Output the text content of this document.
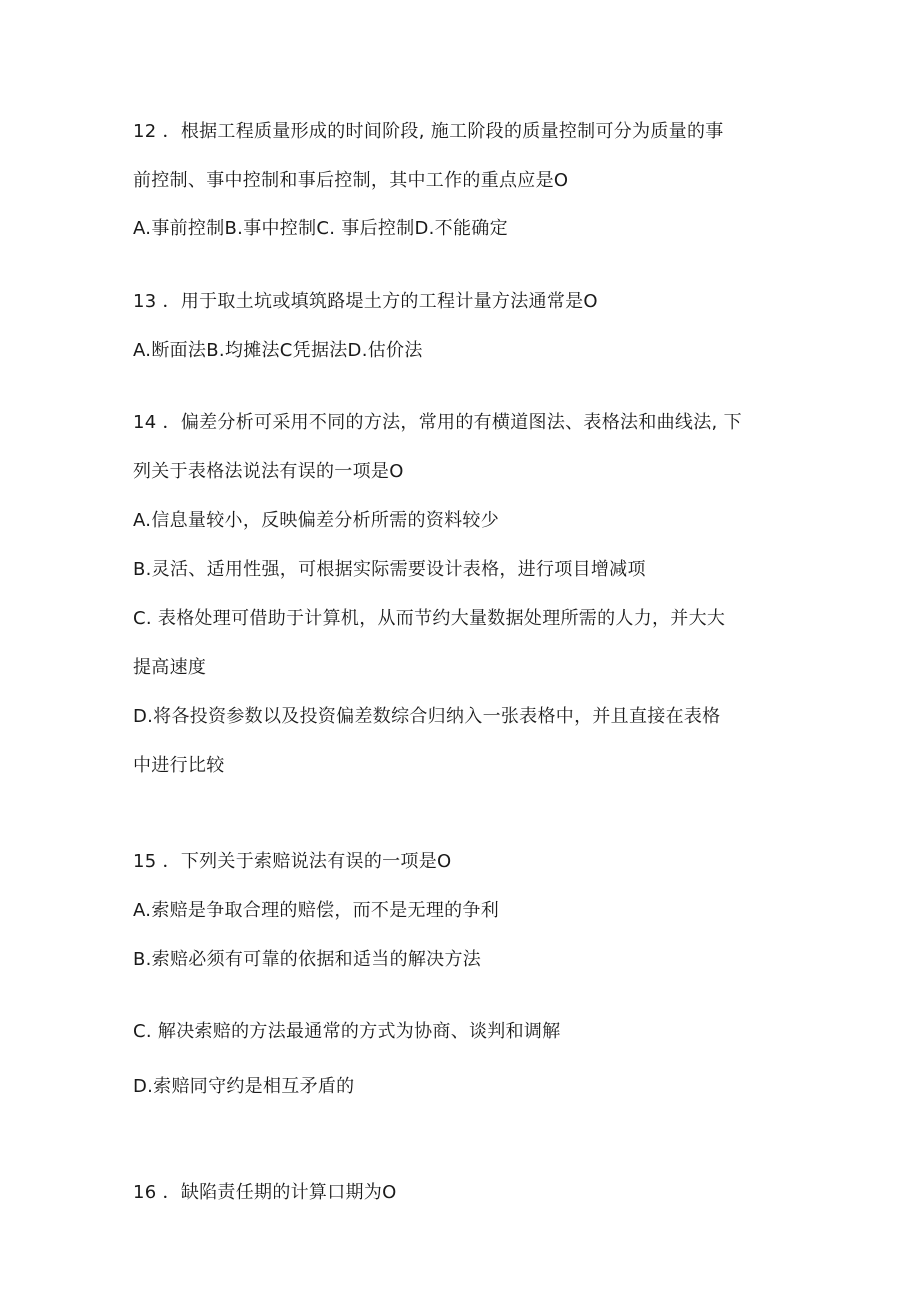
12 ．根据工程质量形成的时间阶段, 施工阶段的质量控制可分为质量的事
前控制、事中控制和事后控制，其中工作的重点应是O
A.事前控制B.事中控制C. 事后控制D.不能确定
13 ．用于取土坑或填筑路堤土方的工程计量方法通常是O
A.断面法B.均摊法C凭据法D.估价法
14 ．偏差分析可采用不同的方法，常用的有横道图法、表格法和曲线法, 下
列关于表格法说法有误的一项是O
A.信息量较小，反映偏差分析所需的资料较少
B.灵活、适用性强，可根据实际需要设计表格，进行项目增减项
C. 表格处理可借助于计算机，从而节约大量数据处理所需的人力，并大大
提高速度
D.将各投资参数以及投资偏差数综合归纳入一张表格中，并且直接在表格
中进行比较
15 ．下列关于索赔说法有误的一项是O
A.索赔是争取合理的赔偿，而不是无理的争利
B.索赔必须有可靠的依据和适当的解决方法
C. 解决索赔的方法最通常的方式为协商、谈判和调解
D.索赔同守约是相互矛盾的
16 ．缺陷责任期的计算口期为O
